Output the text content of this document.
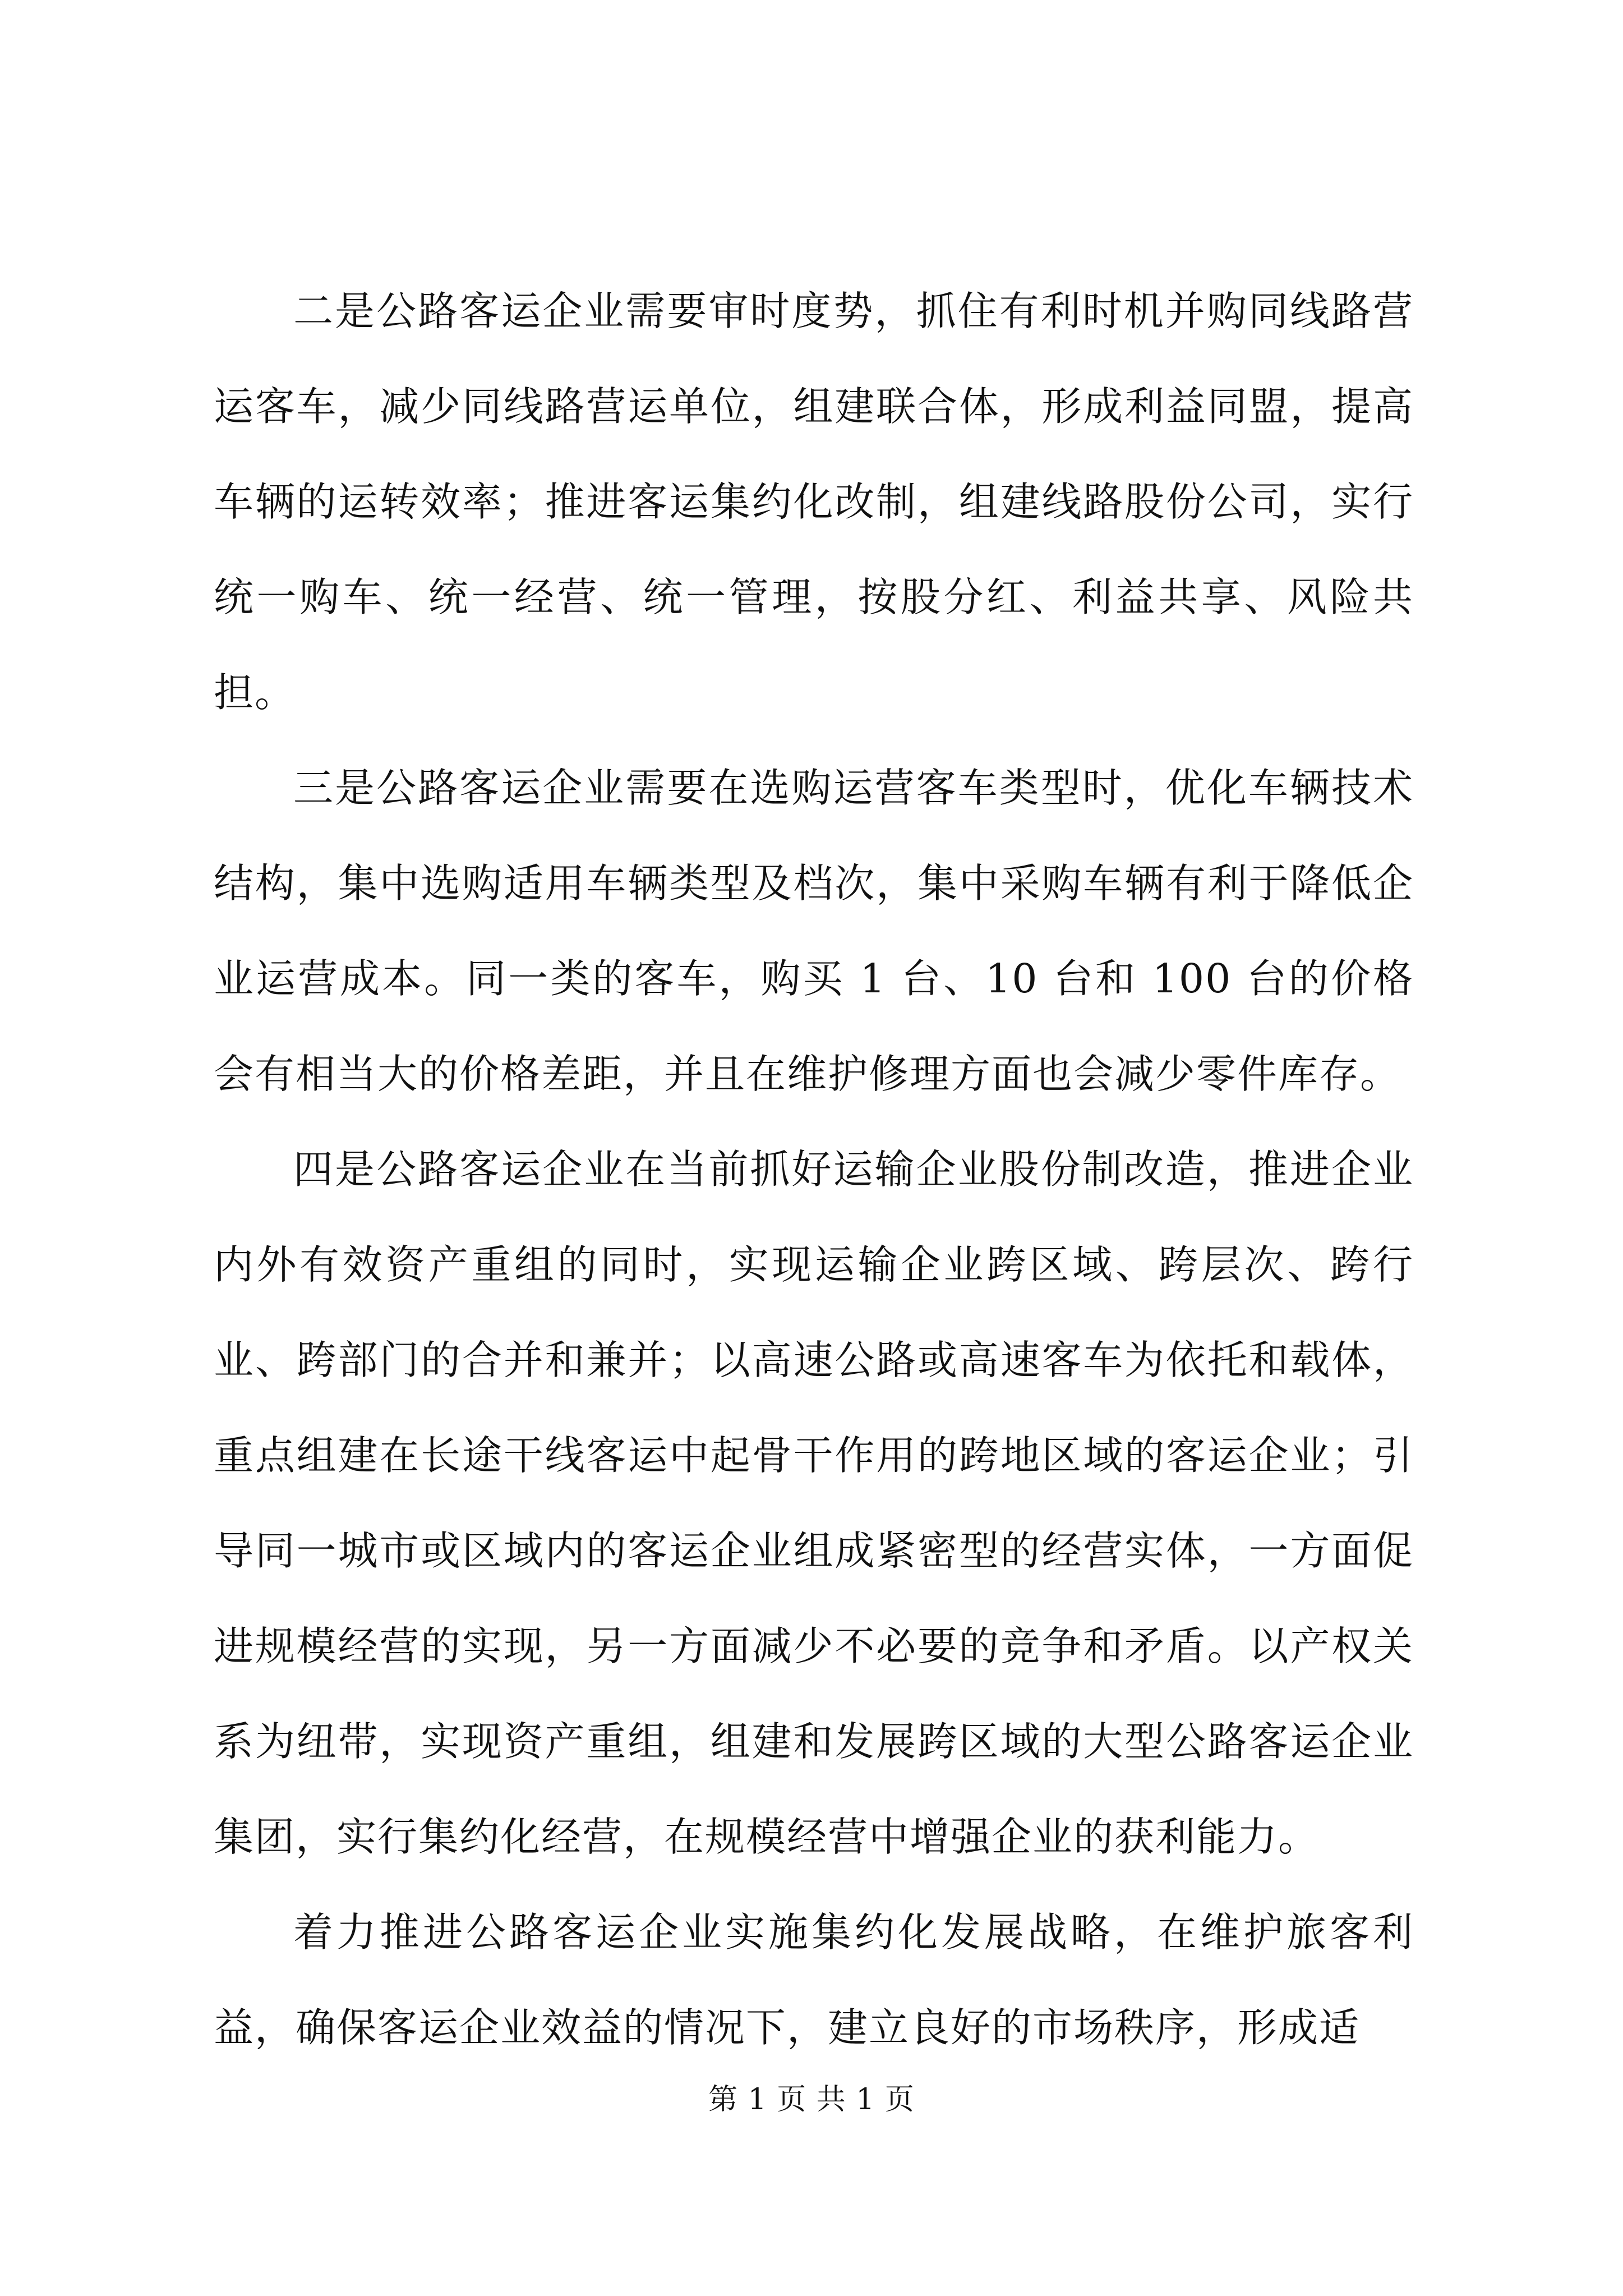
二是公路客运企业需要审时度势，抓住有利时机并购同线路营运客车，减少同线路营运单位，组建联合体，形成利益同盟，提高车辆的运转效率；推进客运集约化改制，组建线路股份公司，实行统一购车、统一经营、统一管理，按股分红、利益共享、风险共担。

三是公路客运企业需要在选购运营客车类型时，优化车辆技术结构，集中选购适用车辆类型及档次，集中采购车辆有利于降低企业运营成本。同一类的客车，购买 1 台、10 台和 100 台的价格会有相当大的价格差距，并且在维护修理方面也会减少零件库存。

四是公路客运企业在当前抓好运输企业股份制改造，推进企业内外有效资产重组的同时，实现运输企业跨区域、跨层次、跨行业、跨部门的合并和兼并；以高速公路或高速客车为依托和载体，重点组建在长途干线客运中起骨干作用的跨地区域的客运企业；引导同一城市或区域内的客运企业组成紧密型的经营实体，一方面促进规模经营的实现，另一方面减少不必要的竞争和矛盾。以产权关系为纽带，实现资产重组，组建和发展跨区域的大型公路客运企业集团，实行集约化经营，在规模经营中增强企业的获利能力。

着力推进公路客运企业实施集约化发展战略，在维护旅客利益，确保客运企业效益的情况下，建立良好的市场秩序，形成适

第 1 页 共 1 页
